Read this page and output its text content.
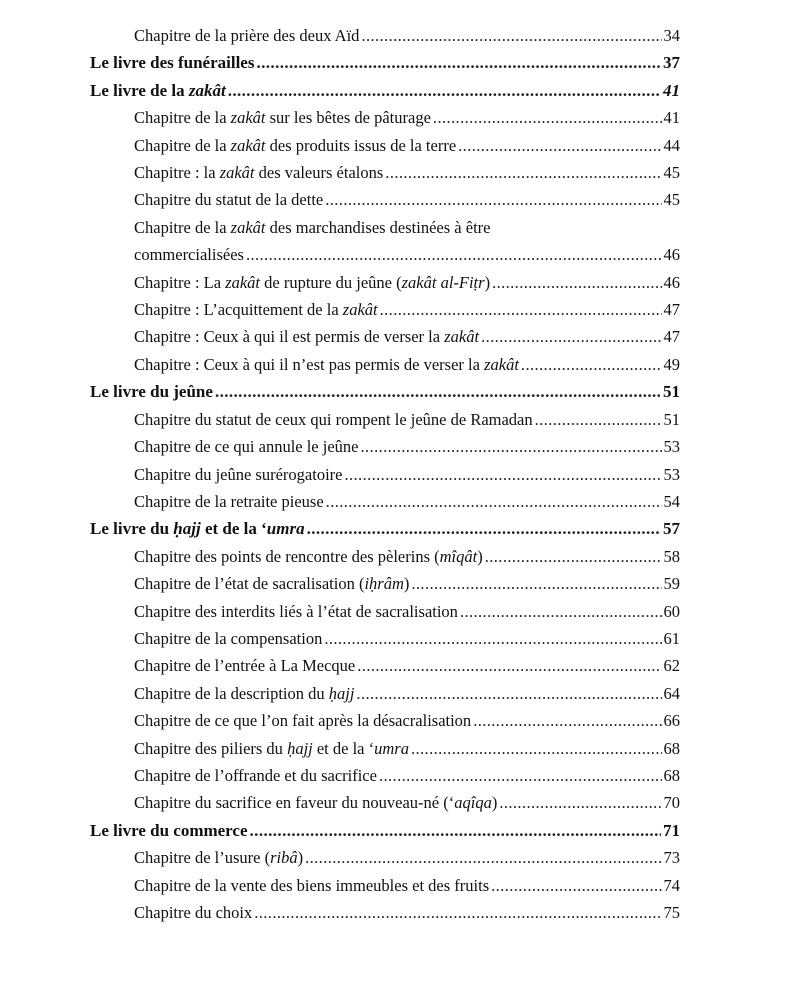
Chapitre de la prière des deux Aïd .....	34
Le livre des funérailles .....	37
Le livre de la zakât .....	41
Chapitre de la zakât sur les bêtes de pâturage .....	41
Chapitre de la zakât des produits issus de la terre .....	44
Chapitre : la zakât des valeurs étalons .....	45
Chapitre du statut de la dette .....	45
Chapitre de la zakât des marchandises destinées à être
commercialisées .....	46
Chapitre : La zakât de rupture du jeûne (zakât al-Fiṭr) .....	46
Chapitre : L’acquittement de la zakât .....	47
Chapitre : Ceux à qui il est permis de verser la zakât .....	47
Chapitre : Ceux à qui il n’est pas permis de verser la zakât .....	49
Le livre du jeûne .....	51
Chapitre du statut de ceux qui rompent le jeûne de Ramadan .....	51
Chapitre de ce qui annule le jeûne .....	53
Chapitre du jeûne surérogatoire .....	53
Chapitre de la retraite pieuse .....	54
Le livre du ḥajj et de la ‘umra .....	57
Chapitre des points de rencontre des pèlerins (mîqât) .....	58
Chapitre de l’état de sacralisation (iḥrâm) .....	59
Chapitre des interdits liés à l’état de sacralisation .....	60
Chapitre de la compensation .....	61
Chapitre de l’entrée à La Mecque .....	62
Chapitre de la description du ḥajj .....	64
Chapitre de ce que l’on fait après la désacralisation .....	66
Chapitre des piliers du ḥajj et de la ‘umra .....	68
Chapitre de l’offrande et du sacrifice .....	68
Chapitre du sacrifice en faveur du nouveau-né (‘aqîqa) .....	70
Le livre du commerce .....	71
Chapitre de l’usure (ribâ) .....	73
Chapitre de la vente des biens immeubles et des fruits .....	74
Chapitre du choix .....	75
